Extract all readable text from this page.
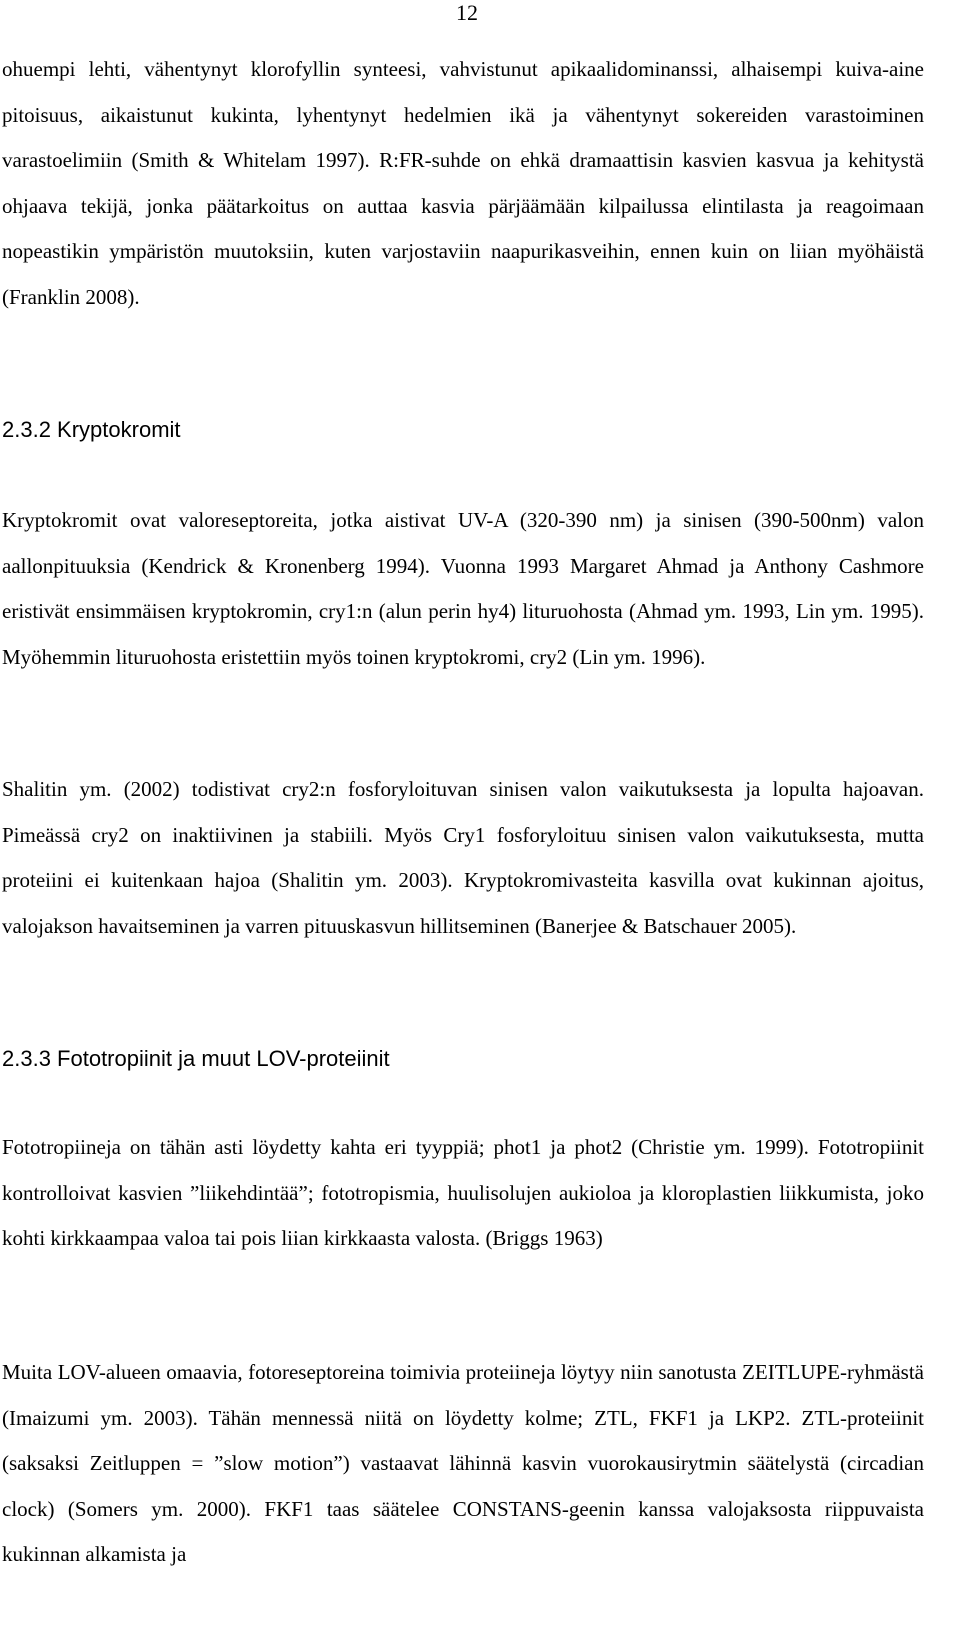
12

ohuempi lehti, vähentynyt klorofyllin synteesi, vahvistunut apikaalidominanssi, alhaisempi kuiva-aine pitoisuus, aikaistunut kukinta, lyhentynyt hedelmien ikä ja vähentynyt sokereiden varastoiminen varastoelimiin (Smith & Whitelam 1997). R:FR-suhde on ehkä dramaattisin kasvien kasvua ja kehitystä ohjaava tekijä, jonka päätarkoitus on auttaa kasvia pärjäämään kilpailussa elintilasta ja reagoimaan nopeastikin ympäristön muutoksiin, kuten varjostaviin naapurikasveihin, ennen kuin on liian myöhäistä (Franklin 2008).

2.3.2 Kryptokromit

Kryptokromit ovat valoreseptoreita, jotka aistivat UV-A (320-390 nm) ja sinisen (390-500nm) valon aallonpituuksia (Kendrick & Kronenberg 1994). Vuonna 1993 Margaret Ahmad ja Anthony Cashmore eristivät ensimmäisen kryptokromin, cry1:n (alun perin hy4) lituruohosta (Ahmad ym. 1993, Lin ym. 1995). Myöhemmin lituruohosta eristettiin myös toinen kryptokromi, cry2 (Lin ym. 1996).

Shalitin ym. (2002) todistivat cry2:n fosforyloituvan sinisen valon vaikutuksesta ja lopulta hajoavan. Pimeässä cry2 on inaktiivinen ja stabiili. Myös Cry1 fosforyloituu sinisen valon vaikutuksesta, mutta proteiini ei kuitenkaan hajoa (Shalitin ym. 2003). Kryptokromivasteita kasvilla ovat kukinnan ajoitus, valojakson havaitseminen ja varren pituuskasvun hillitseminen (Banerjee & Batschauer 2005).

2.3.3 Fototropiinit ja muut LOV-proteiinit

Fototropiineja on tähän asti löydetty kahta eri tyyppiä; phot1 ja phot2 (Christie ym. 1999). Fototropiinit kontrolloivat kasvien ”liikehdintää”; fototropismia, huulisolujen aukioloa ja kloroplastien liikkumista, joko kohti kirkkaampaa valoa tai pois liian kirkkaasta valosta. (Briggs 1963)

Muita LOV-alueen omaavia, fotoreseptoreina toimivia proteiineja löytyy niin sanotusta ZEITLUPE-ryhmästä (Imaizumi ym. 2003). Tähän mennessä niitä on löydetty kolme; ZTL, FKF1 ja LKP2. ZTL-proteiinit (saksaksi Zeitluppen = ”slow motion”) vastaavat lähinnä kasvin vuorokausirytmin säätelystä (circadian clock) (Somers ym. 2000). FKF1 taas säätelee CONSTANS-geenin kanssa valojaksosta riippuvaista kukinnan alkamista ja
